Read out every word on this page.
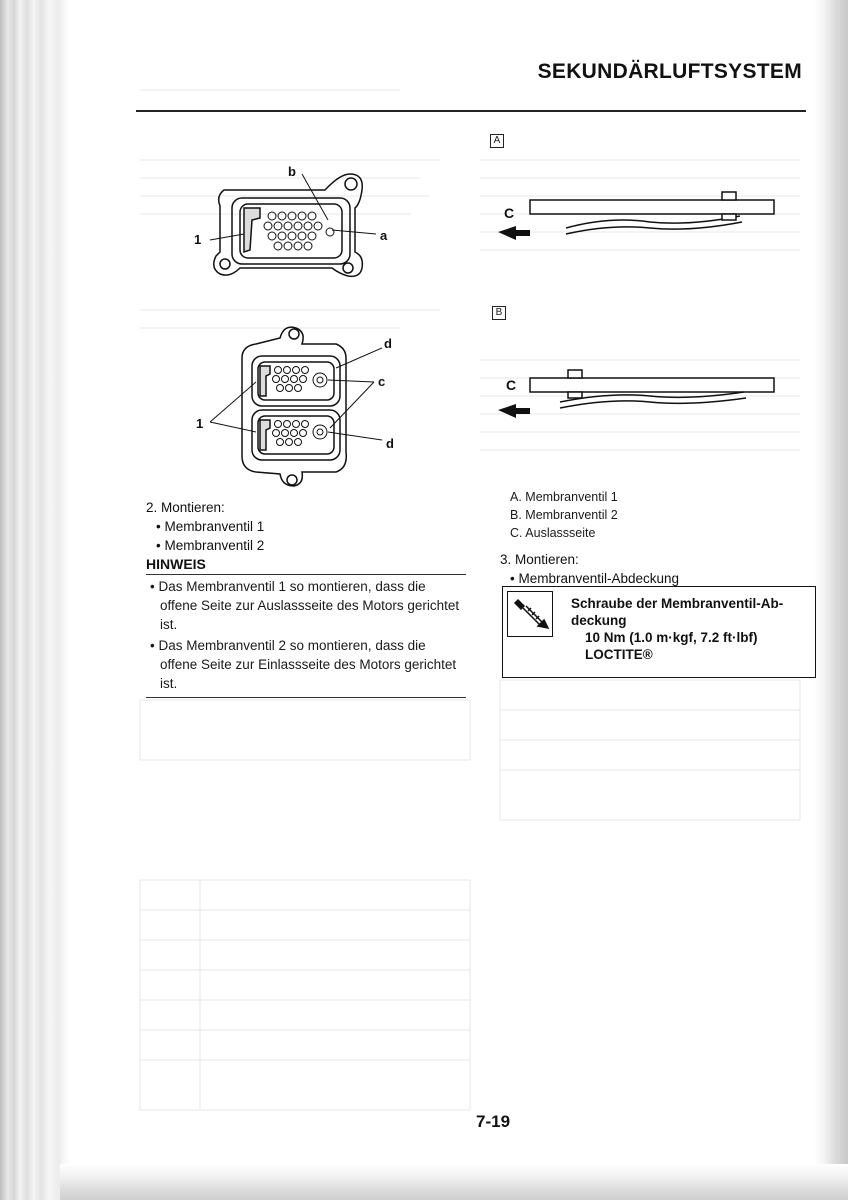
SEKUNDÄRLUFTSYSTEM
b
a
1
d
c
d
1
A
C
B
C
2. Montieren:
• Membranventil 1
• Membranventil 2
HINWEIS
• Das Membranventil 1 so montieren, dass die offene Seite zur Auslassseite des Motors gerichtet ist.
• Das Membranventil 2 so montieren, dass die offene Seite zur Einlassseite des Motors gerichtet ist.
A. Membranventil 1
B. Membranventil 2
C. Auslassseite
3. Montieren:
• Membranventil-Abdeckung
Schraube der Membranventil-Ab-
deckung
10 Nm (1.0 m·kgf, 7.2 ft·lbf)
LOCTITE®
7-19
